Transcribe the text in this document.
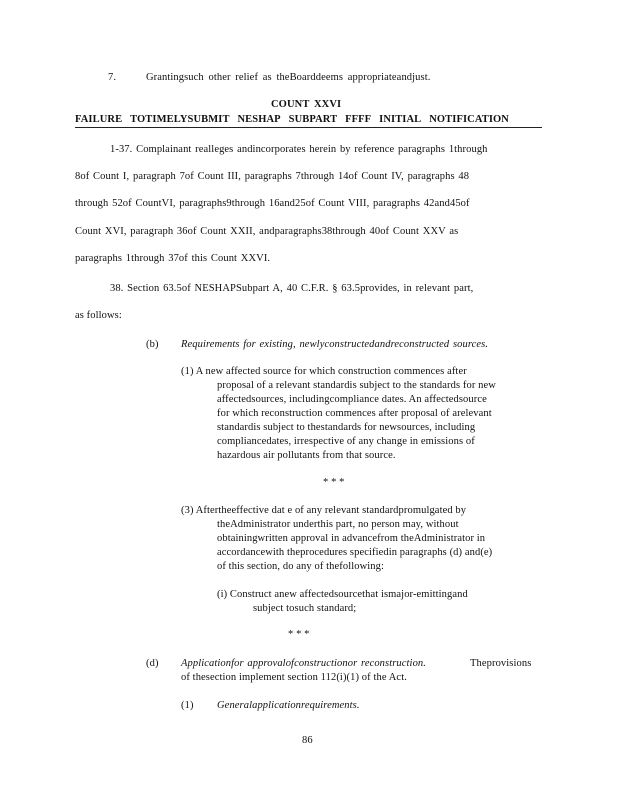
7.	Grantingsuch other relief as theBoarddeems appropriateandjust.
COUNT XXVI
FAILURE TOTIMELYSUBMIT NESHAP SUBPART FFFF INITIAL NOTIFICATION
1-37. Complainant realleges andincorporates herein by reference paragraphs 1through
8of Count I, paragraph 7of Count III, paragraphs 7through 14of Count IV, paragraphs 48
through 52of CountVI, paragraphs9through 16and25of Count VIII, paragraphs 42and45of
Count XVI, paragraph 36of Count XXII, andparagraphs38through 40of Count XXV as
paragraphs 1through 37of this Count XXVI.
38. Section 63.5of NESHAPSubpart A, 40 C.F.R. § 63.5provides, in relevant part,
as follows:
(b) Requirements for existing, newlyconstructedandreconstructed sources.
(1) A new affected source for which construction commences after
proposal of a relevant standardis subject to the standards for new
affectedsources, includingcompliance dates. An affectedsource
for which reconstruction commences after proposal of arelevant
standardis subject to thestandards for newsources, including
compliancedates, irrespective of any change in emissions of
hazardous air pollutants from that source.
* * *
(3) Aftertheeffective dat e of any relevant standardpromulgated by
theAdministrator underthis part, no person may, without
obtainingwritten approval in advancefrom theAdministrator in
accordancewith theprocedures specifiedin paragraphs (d) and(e)
of this section, do any of thefollowing:
(i) Construct anew affectedsourcethat ismajor-emittingand
subject tosuch standard;
* * *
(d) Applicationfor approvalofconstructionor reconstruction.	Theprovisions
of thesection implement section 112(i)(1) of the Act.
(1) Generalapplicationrequirements.
86
